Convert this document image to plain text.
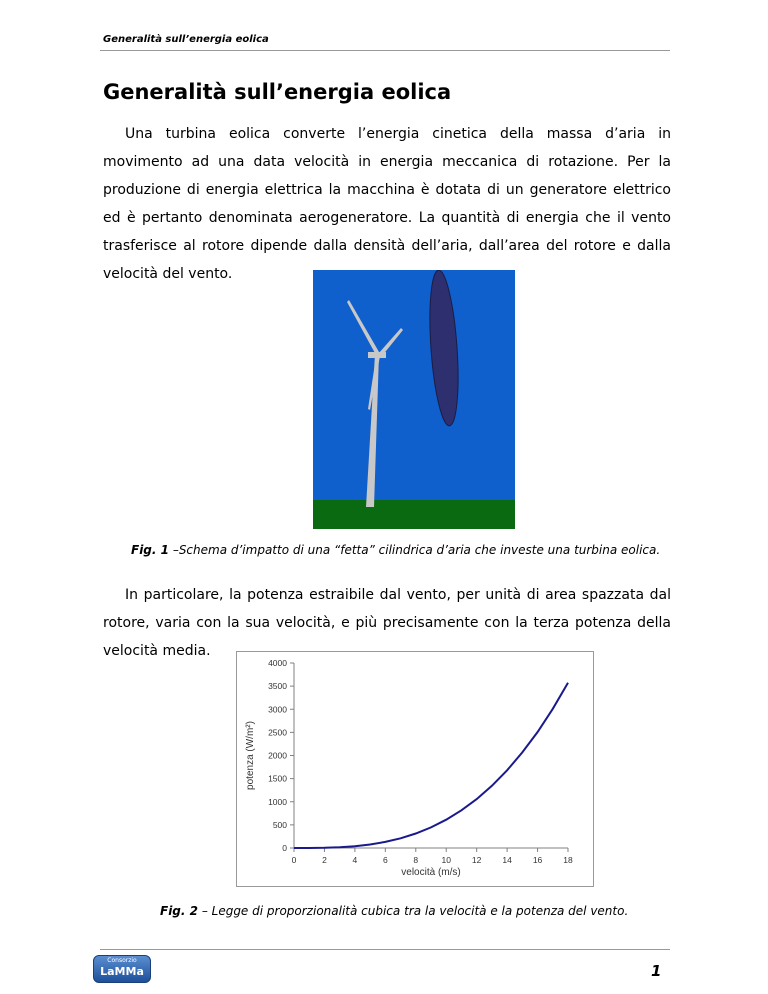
Generalità sull’energia eolica
Generalità sull’energia eolica

Una turbina eolica converte l’energia cinetica della massa d’aria in movimento ad una data velocità in energia meccanica di rotazione. Per la produzione di energia elettrica la macchina è dotata di un generatore elettrico ed è pertanto denominata aerogeneratore. La quantità di energia che il vento trasferisce al rotore dipende dalla densità dell’aria, dall’area del rotore e dalla velocità del vento.

Fig. 1 –Schema d’impatto di una “fetta” cilindrica d’aria che investe una turbina eolica.

In particolare, la potenza estraibile dal vento, per unità di area spazzata dal rotore, varia con la sua velocità, e più precisamente con la terza potenza della velocità media.

0
500
1000
1500
2000
2500
3000
3500
4000
0	2	4	6	8	10 12 14 16 18
velocità (m/s)
potenza (W/m²)

Fig. 2 – Legge di proporzionalità cubica tra la velocità e la potenza del vento.

Consorzio
LaMMa	1
